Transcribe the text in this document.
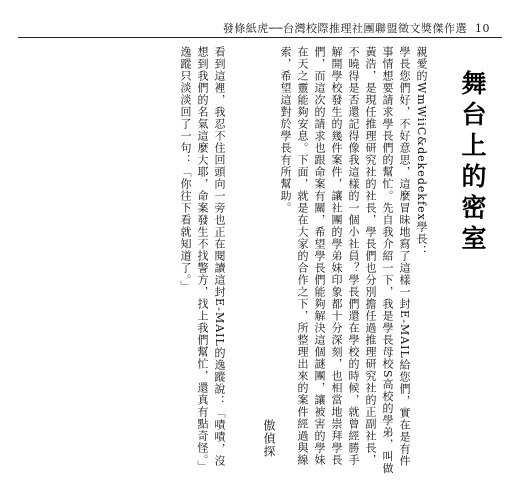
發條紙虎──台灣校際推理社團聯盟徵文獎傑作選 10
舞台上的密室

親愛的WmWiiC&dekedekfex學長：

學長您們好，不好意思，這麼冒昧地寫了這樣一封E-MAIL給您們，實在是有件事情想要請求學長們的幫忙。先自我介紹一下，我是學長母校S高校的學弟，叫做黃浩，是現任推理研究社的社長，學長們也分別擔任過推理研究社的正副社長，不曉得是否還記得像我這樣的一個小社員？學長們還在學校的時候，就曾經勝手解開學校發生的幾件案件，讓社團的學弟妹印象都十分深刻，也相當地崇拜學長們，而這次的請求也跟命案有關，希望學長們能夠解決這個謎團，讓被害的學妹在天之靈能夠安息。下面，就是在大家的合作之下，所整理出來的案件經過與線索，希望這對於學長有所幫助。

傲偵探

看到這裡，我忍不住回頭向一旁也正在閱讀這封E-MAIL的逸蹤說：「嘖嘖，沒想到我們的名氣這麼大耶，命案發生不找警方，找上我們幫忙，還真有點奇怪。」

逸蹤只淡淡回了一句：「你往下看就知道了。」
